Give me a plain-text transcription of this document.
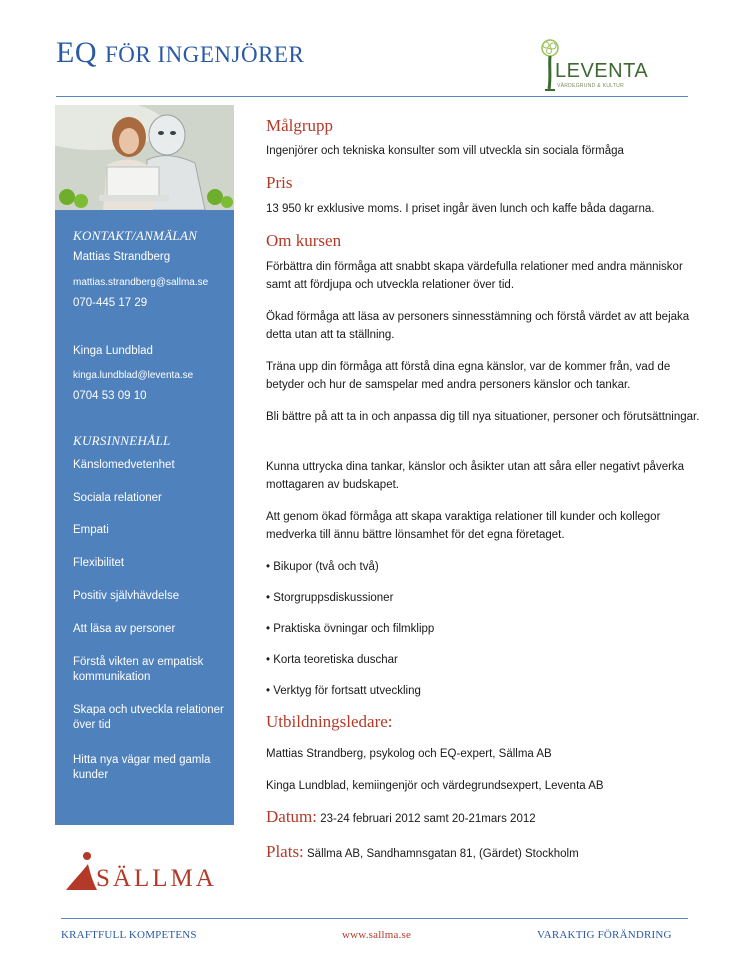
EQ FÖR INGENJÖRER
LEVENTA
VÄRDEGRUND & KULTUR
KONTAKT/ANMÄLAN
Mattias Strandberg
mattias.strandberg@sallma.se
070-445 17 29
Kinga Lundblad
kinga.lundblad@leventa.se
0704 53 09 10
KURSINNEHÅLL
Känslomedvetenhet
Sociala relationer
Empati
Flexibilitet
Positiv självhävdelse
Att läsa av personer
Förstå vikten av empatisk kommunikation
Skapa och utveckla relationer över tid
Hitta nya vägar med gamla kunder
SÄLLMA
Målgrupp
Ingenjörer och tekniska konsulter som vill utveckla sin sociala förmåga
Pris
13 950 kr exklusive moms. I priset ingår även lunch och kaffe båda dagarna.
Om kursen
Förbättra din förmåga att snabbt skapa värdefulla relationer med andra människor samt att fördjupa och utveckla relationer över tid.
Ökad förmåga att läsa av personers sinnesstämning och förstå värdet av att bejaka detta utan att ta ställning.
Träna upp din förmåga att förstå dina egna känslor, var de kommer från, vad de betyder och hur de samspelar med andra personers känslor och tankar.
Bli bättre på att ta in och anpassa dig till nya situationer, personer och förutsättningar.
Kunna uttrycka dina tankar, känslor och åsikter utan att såra eller negativt påverka mottagaren av budskapet.
Att genom ökad förmåga att skapa varaktiga relationer till kunder och kollegor medverka till ännu bättre lönsamhet för det egna företaget.
• Bikupor (två och två)
• Storgruppsdiskussioner
• Praktiska övningar och filmklipp
• Korta teoretiska duschar
• Verktyg för fortsatt utveckling
Utbildningsledare:
Mattias Strandberg, psykolog och EQ-expert, Sällma AB
Kinga Lundblad, kemiingenjör och värdegrundsexpert, Leventa AB
Datum: 23-24 februari 2012 samt 20-21mars 2012
Plats: Sällma AB, Sandhamnsgatan 81, (Gärdet) Stockholm
KRAFTFULL KOMPETENS	www.sallma.se	VARAKTIG FÖRÄNDRING
